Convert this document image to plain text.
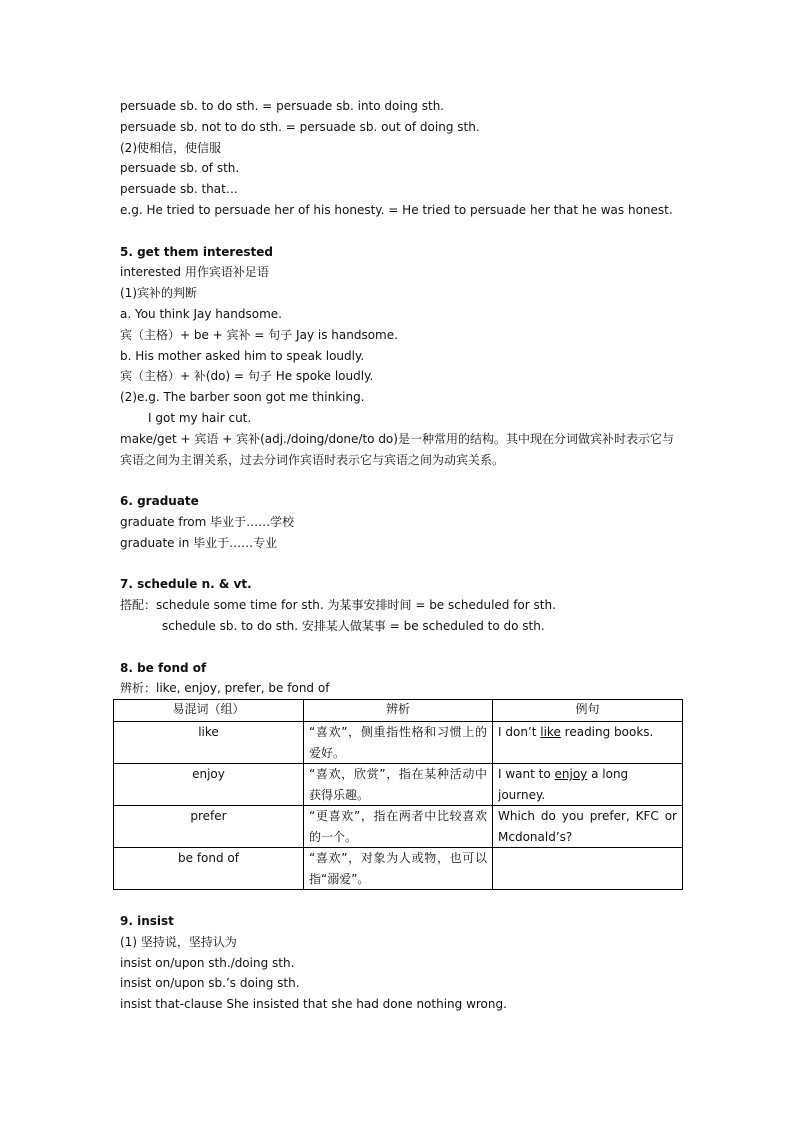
persuade sb. to do sth. = persuade sb. into doing sth.
persuade sb. not to do sth. = persuade sb. out of doing sth.
(2)使相信，使信服
persuade sb. of sth.
persuade sb. that…
e.g. He tried to persuade her of his honesty. = He tried to persuade her that he was honest.
5. get them interested
interested 用作宾语补足语
(1)宾补的判断
a. You think Jay handsome.
宾（主格）+ be + 宾补 = 句子 Jay is handsome.
b. His mother asked him to speak loudly.
宾（主格）+ 补(do) = 句子 He spoke loudly.
(2)e.g. The barber soon got me thinking.
I got my hair cut.
make/get + 宾语 + 宾补(adj./doing/done/to do)是一种常用的结构。其中现在分词做宾补时表示它与宾语之间为主谓关系，过去分词作宾语时表示它与宾语之间为动宾关系。
6. graduate
graduate from 毕业于……学校
graduate in 毕业于……专业
7. schedule n. & vt.
搭配：schedule some time for sth. 为某事安排时间 = be scheduled for sth.
schedule sb. to do sth. 安排某人做某事 = be scheduled to do sth.
8. be fond of
辨析：like, enjoy, prefer, be fond of
易混词（组）	辨析	例句
like	“喜欢”，侧重指性格和习惯上的爱好。	I don’t like reading books.
enjoy	“喜欢，欣赏”，指在某种活动中获得乐趣。	I want to enjoy a long journey.
prefer	“更喜欢”，指在两者中比较喜欢的一个。	Which do you prefer, KFC or Mcdonald’s?
be fond of	“喜欢”，对象为人或物，也可以指“溺爱”。	
9. insist
(1) 坚持说，坚持认为
insist on/upon sth./doing sth.
insist on/upon sb.’s doing sth.
insist that-clause She insisted that she had done nothing wrong.
